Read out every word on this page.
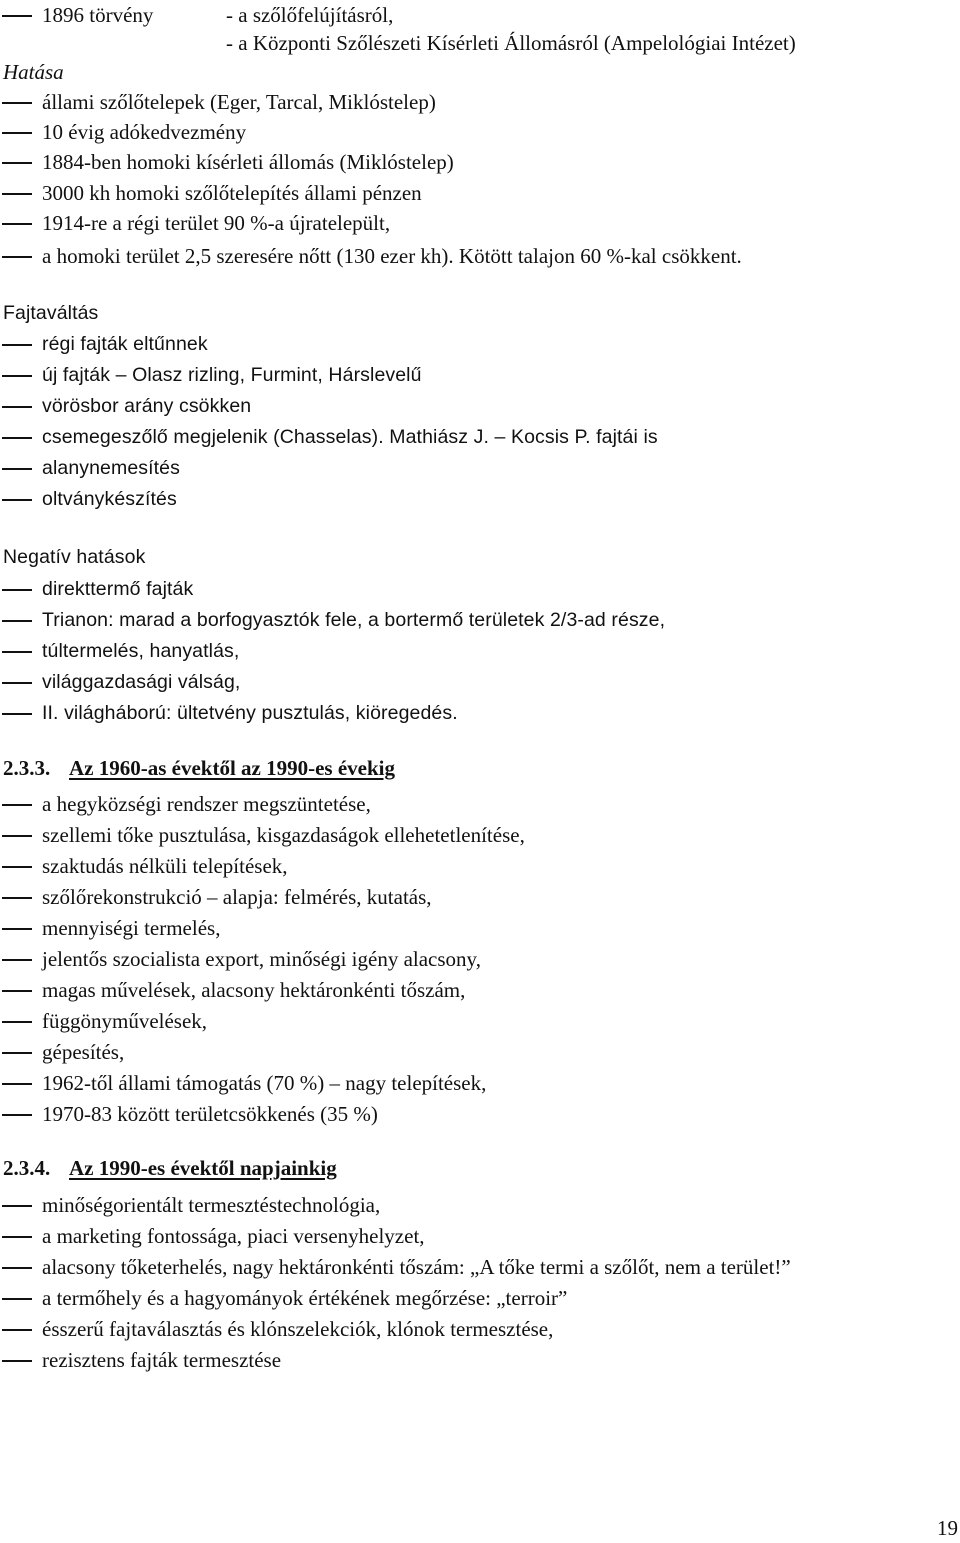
1896 törvény	- a szőlőfelújításról,
- a Központi Szőlészeti Kísérleti Állomásról (Ampelológiai Intézet)
Hatása
állami szőlőtelepek (Eger, Tarcal, Miklóstelep)
10 évig adókedvezmény
1884-ben homoki kísérleti állomás (Miklóstelep)
3000 kh homoki szőlőtelepítés állami pénzen
1914-re a régi terület 90 %-a újratelepült,
a homoki terület 2,5 szeresére nőtt (130 ezer kh). Kötött talajon 60 %-kal csökkent.
Fajtaváltás
régi fajták eltűnnek
új fajták – Olasz rizling, Furmint, Hárslevelű
vörösbor arány csökken
csemegeszőlő megjelenik (Chasselas). Mathiász J. – Kocsis P. fajtái is
alanynemesítés
oltványkészítés
Negatív hatások
direkttermő fajták
Trianon: marad a borfogyasztók fele, a bortermő területek 2/3-ad része,
túltermelés, hanyatlás,
világgazdasági válság,
II. világháború: ültetvény pusztulás, kiöregedés.
2.3.3. Az 1960-as évektől az 1990-es évekig
a hegyközségi rendszer megszüntetése,
szellemi tőke pusztulása, kisgazdaságok ellehetetlenítése,
szaktudás nélküli telepítések,
szőlőrekonstrukció – alapja: felmérés, kutatás,
mennyiségi termelés,
jelentős szocialista export, minőségi igény alacsony,
magas művelések, alacsony hektáronkénti tőszám,
függönyművelések,
gépesítés,
1962-től állami támogatás (70 %) – nagy telepítések,
1970-83 között területcsökkenés (35 %)
2.3.4. Az 1990-es évektől napjainkig
minőségorientált termesztéstechnológia,
a marketing fontossága, piaci versenyhelyzet,
alacsony tőketerhelés, nagy hektáronkénti tőszám: „A tőke termi a szőlőt, nem a terület!”
a termőhely és a hagyományok értékének megőrzése: „terroir”
ésszerű fajtaválasztás és klónszelekciók, klónok termesztése,
rezisztens fajták termesztése
19
